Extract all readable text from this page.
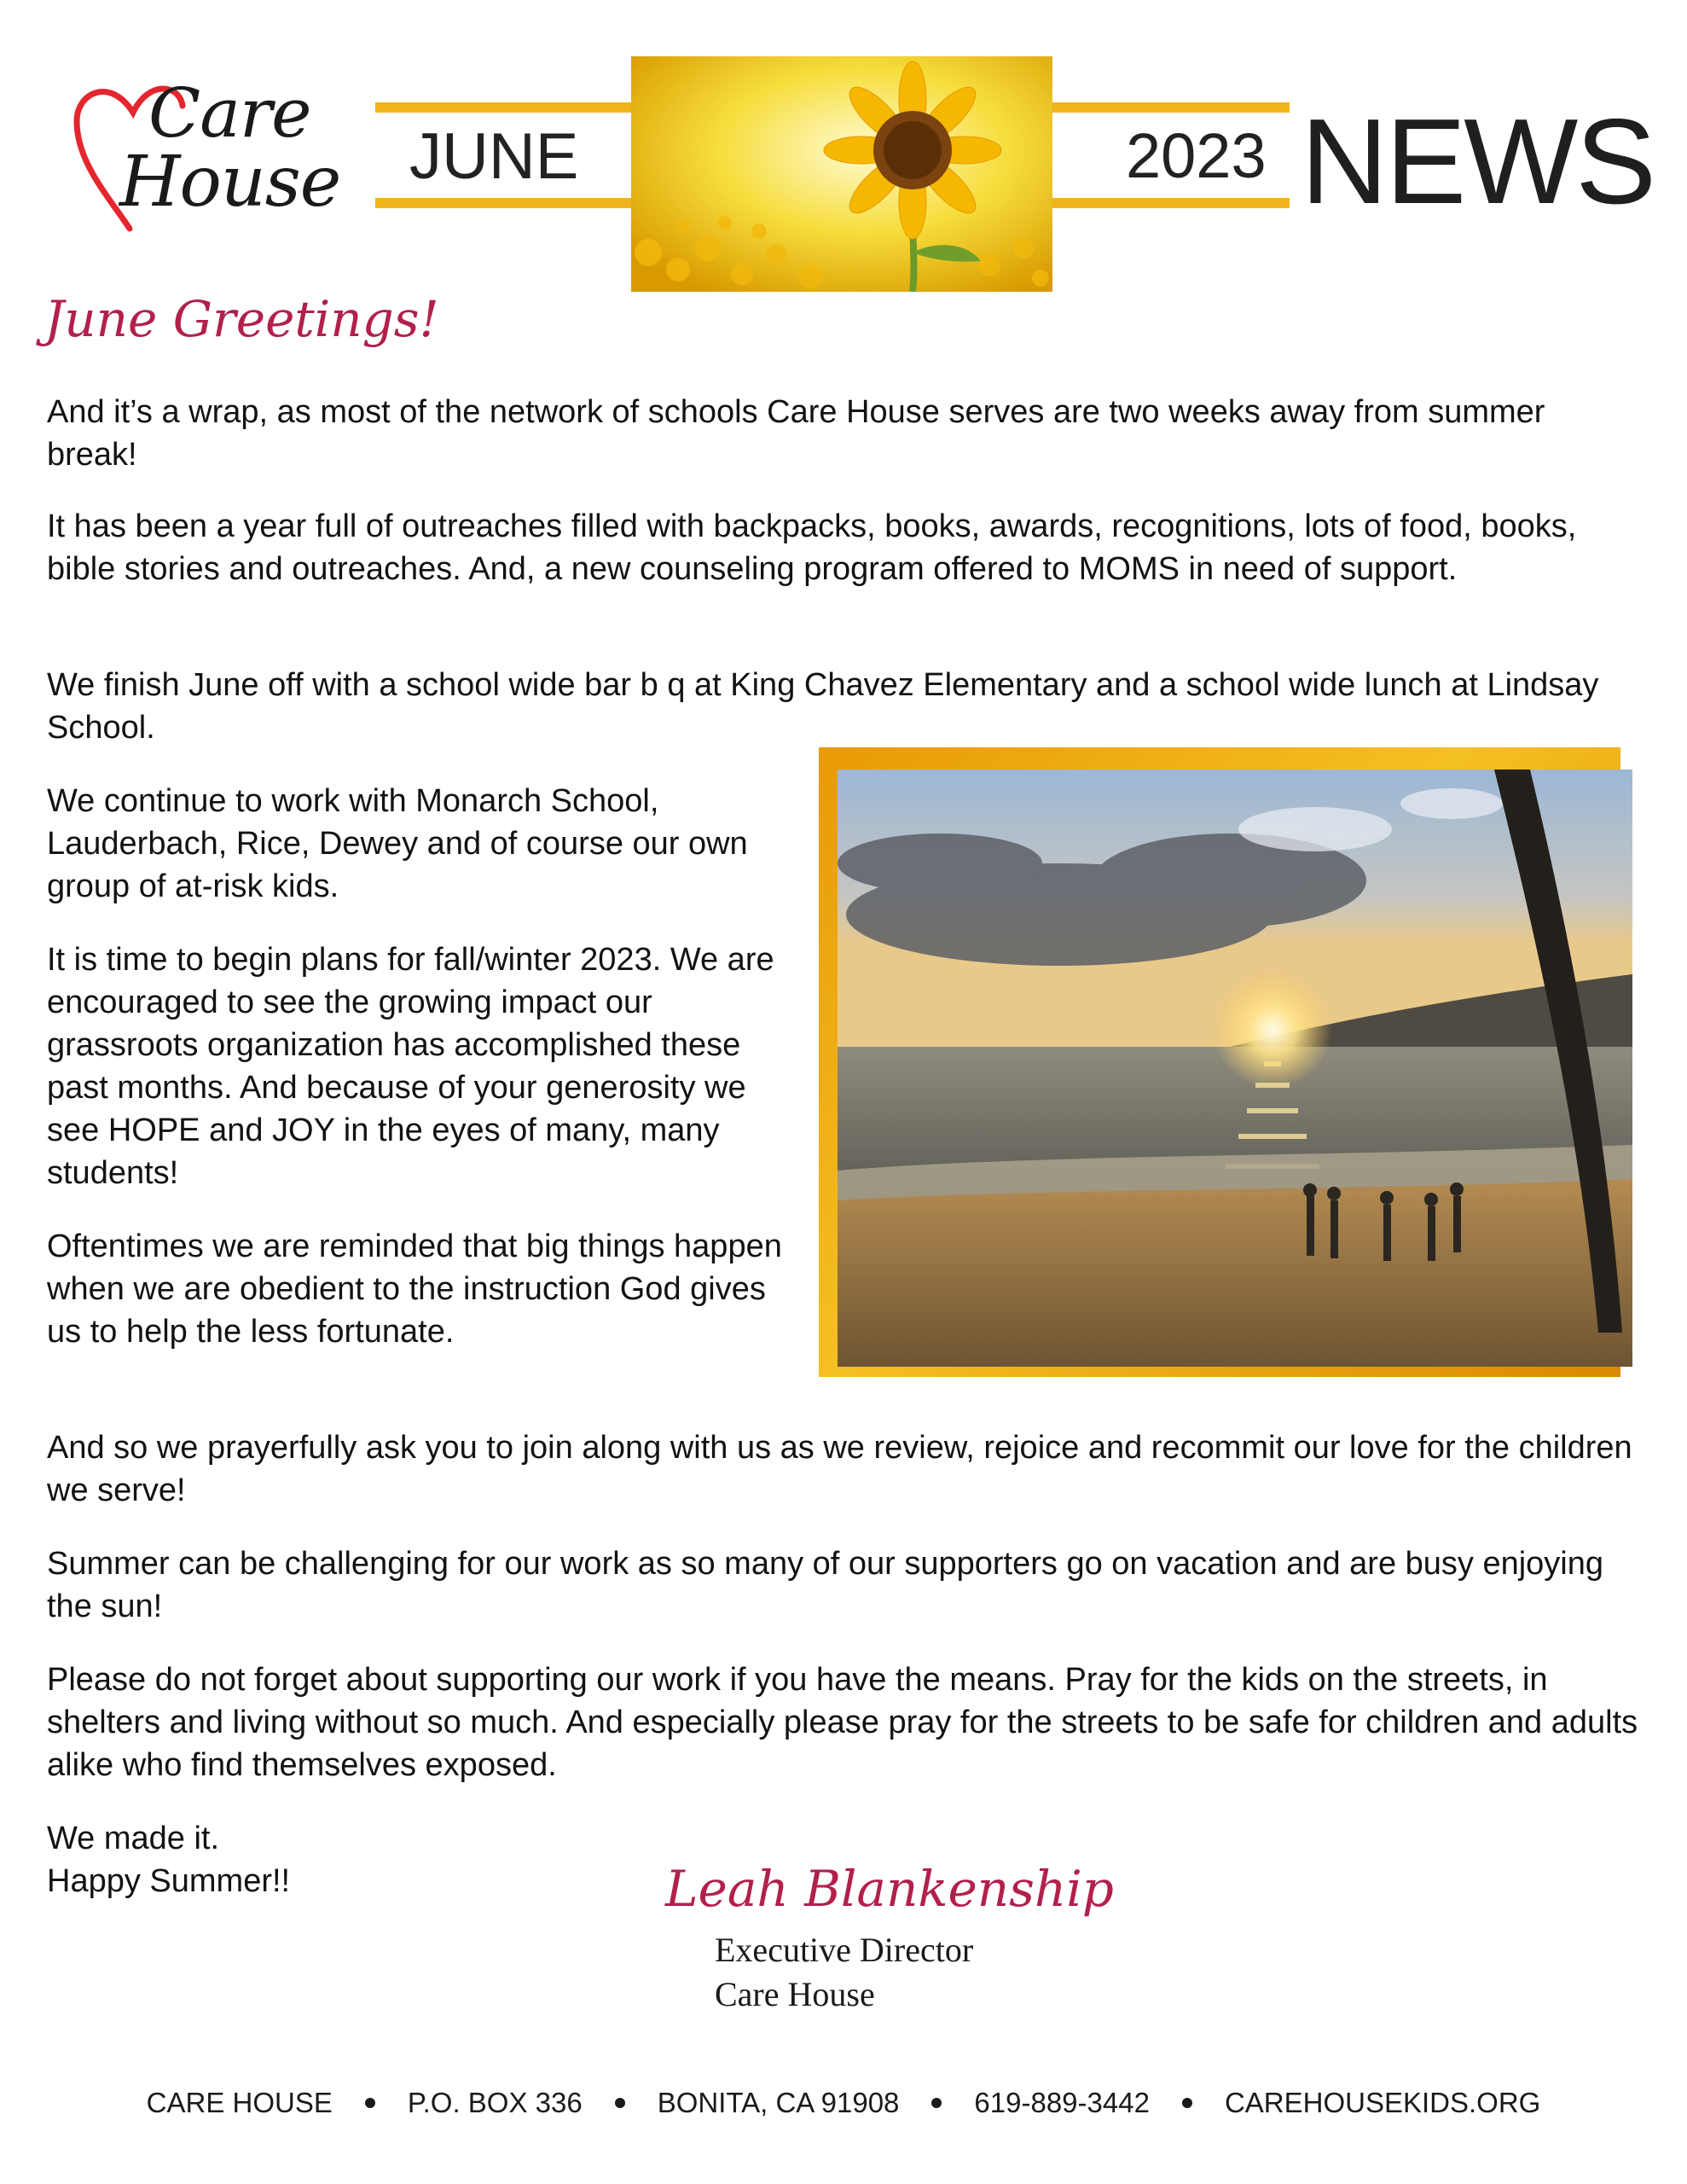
Care
House JUNE	2023 NEWS
June Greetings!

And it’s a wrap, as most of the network of schools Care House serves are two weeks away from summer break!

It has been a year full of outreaches filled with backpacks, books, awards, recognitions, lots of food, books, bible stories and outreaches. And, a new counseling program offered to MOMS in need of support.

We finish June off with a school wide bar b q at King Chavez Elementary and a school wide lunch at Lindsay School.

We continue to work with Monarch School, Lauderbach, Rice, Dewey and of course our own group of at-risk kids.

It is time to begin plans for fall/winter 2023. We are encouraged to see the growing impact our grassroots organization has accomplished these past months. And because of your generosity we see HOPE and JOY in the eyes of many, many students!

Oftentimes we are reminded that big things happen when we are obedient to the instruction God gives us to help the less fortunate.

And so we prayerfully ask you to join along with us as we review, rejoice and recommit our love for the children we serve!

Summer can be challenging for our work as so many of our supporters go on vacation and are busy enjoying the sun!

Please do not forget about supporting our work if you have the means. Pray for the kids on the streets, in shelters and living without so much. And especially please pray for the streets to be safe for children and adults alike who find themselves exposed.

We made it.

Happy Summer!!	Leah Blankenship
Executive Director
Care House
CARE HOUSE	P.O. BOX 336	BONITA, CA 91908	619-889-3442	CAREHOUSEKIDS.ORG
